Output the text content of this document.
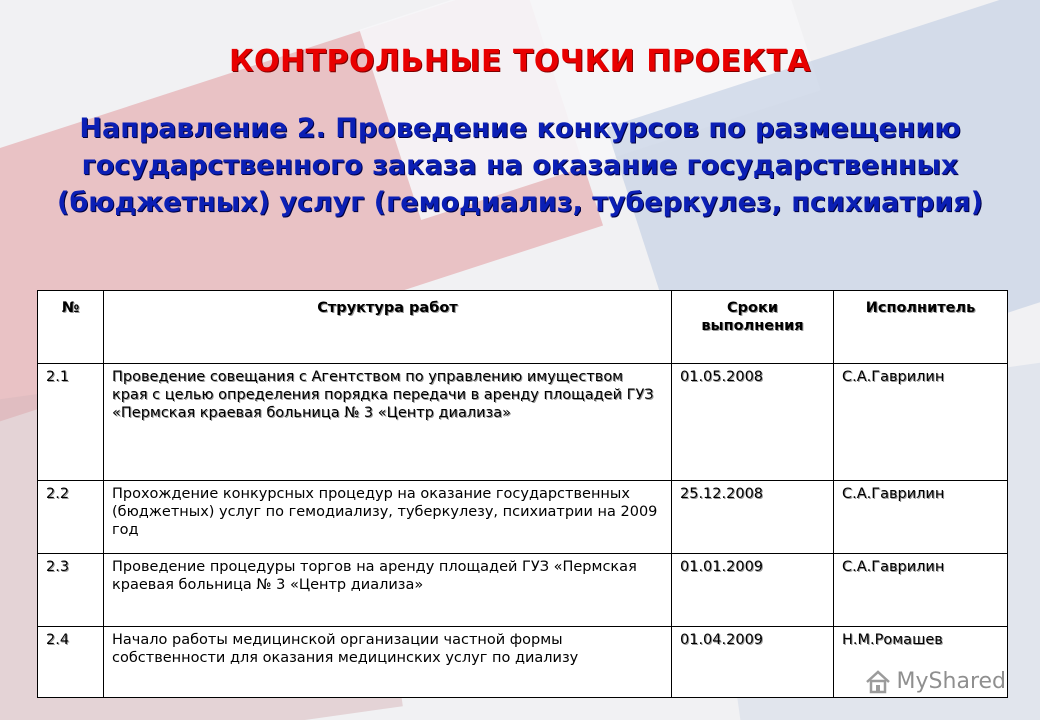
КОНТРОЛЬНЫЕ ТОЧКИ ПРОЕКТА
Направление 2. Проведение конкурсов по размещению государственного заказа на оказание государственных (бюджетных) услуг (гемодиализ, туберкулез, психиатрия)
№	Структура работ	Сроки выполнения	Исполнитель
2.1	Проведение совещания с Агентством по управлению имуществом края с целью определения порядка передачи в аренду площадей ГУЗ «Пермская краевая больница № 3 «Центр диализа»	01.05.2008	С.А.Гаврилин
2.2	Прохождение конкурсных процедур на оказание государственных (бюджетных) услуг по гемодиализу, туберкулезу, психиатрии на 2009 год	25.12.2008	С.А.Гаврилин
2.3	Проведение процедуры торгов на аренду площадей ГУЗ «Пермская краевая больница № 3 «Центр диализа»	01.01.2009	С.А.Гаврилин
2.4	Начало работы медицинской организации частной формы собственности для оказания медицинских услуг по диализу	01.04.2009	Н.М.Ромашев
MyShared
